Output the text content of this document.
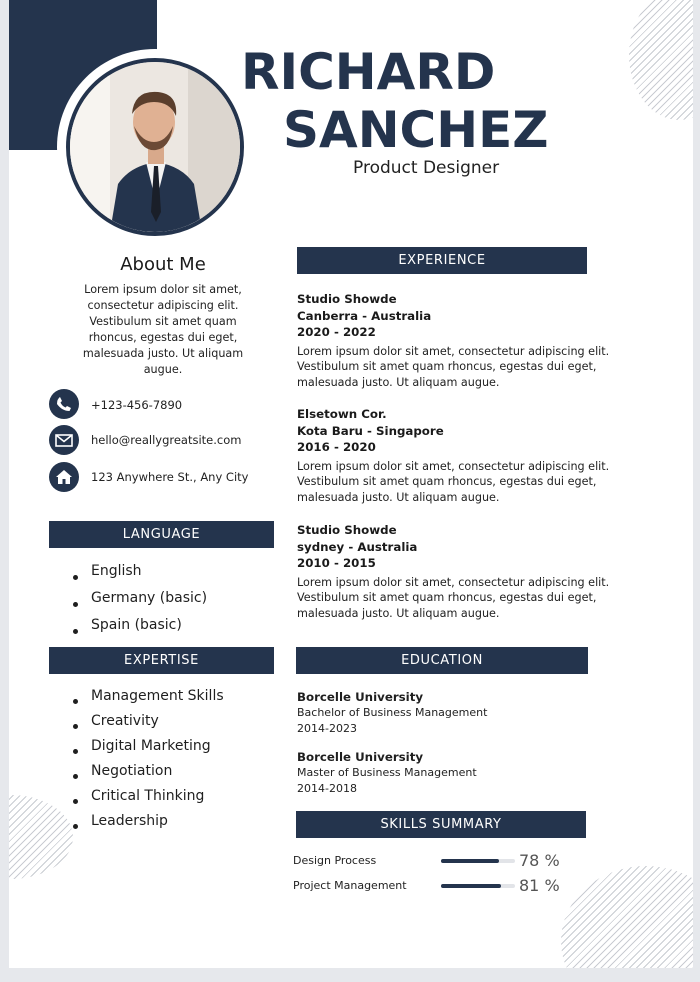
RICHARD
SANCHEZ
Product Designer
About Me
Lorem ipsum dolor sit amet,
consectetur adipiscing elit.
Vestibulum sit amet quam
rhoncus, egestas dui eget,
malesuada justo. Ut aliquam
augue.
+123-456-7890
hello@reallygreatsite.com
123 Anywhere St., Any City
LANGUAGE
English
Germany (basic)
Spain (basic)
EXPERTISE
Management Skills
Creativity
Digital Marketing
Negotiation
Critical Thinking
Leadership
EXPERIENCE
Studio Showde
Canberra - Australia
2020 - 2022
Lorem ipsum dolor sit amet, consectetur adipiscing elit.
Vestibulum sit amet quam rhoncus, egestas dui eget,
malesuada justo. Ut aliquam augue.
Elsetown Cor.
Kota Baru - Singapore
2016 - 2020
Lorem ipsum dolor sit amet, consectetur adipiscing elit.
Vestibulum sit amet quam rhoncus, egestas dui eget,
malesuada justo. Ut aliquam augue.
Studio Showde
sydney - Australia
2010 - 2015
Lorem ipsum dolor sit amet, consectetur adipiscing elit.
Vestibulum sit amet quam rhoncus, egestas dui eget,
malesuada justo. Ut aliquam augue.
EDUCATION
Borcelle University
Bachelor of Business Management
2014-2023
Borcelle University
Master of Business Management
2014-2018
SKILLS SUMMARY
Design Process	78 %
Project Management	81 %
